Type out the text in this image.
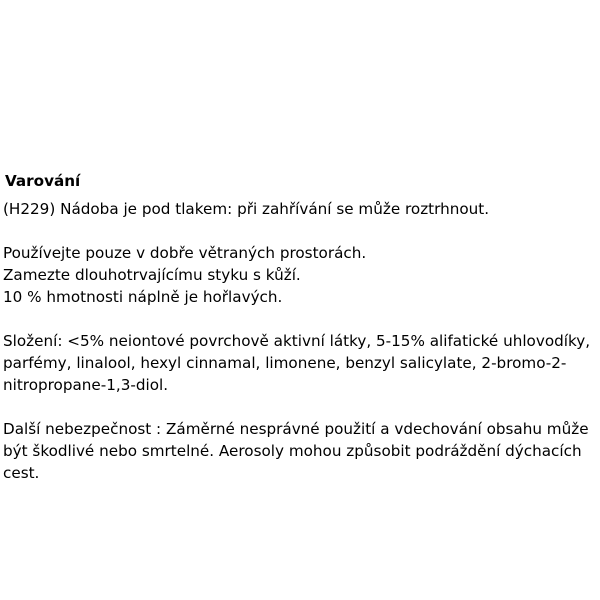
Varování

(H229) Nádoba je pod tlakem: při zahřívání se může roztrhnout.

Používejte pouze v dobře větraných prostorách.
Zamezte dlouhotrvajícímu styku s kůží.
10 % hmotnosti náplně je hořlavých.

Složení: <5% neiontové povrchově aktivní látky, 5-15% alifatické uhlovodíky,
parfémy, linalool, hexyl cinnamal, limonene, benzyl salicylate, 2-bromo-2-
nitropropane-1,3-diol.

Další nebezpečnost : Záměrné nesprávné použití a vdechování obsahu může
být škodlivé nebo smrtelné. Aerosoly mohou způsobit podráždění dýchacích
cest.
